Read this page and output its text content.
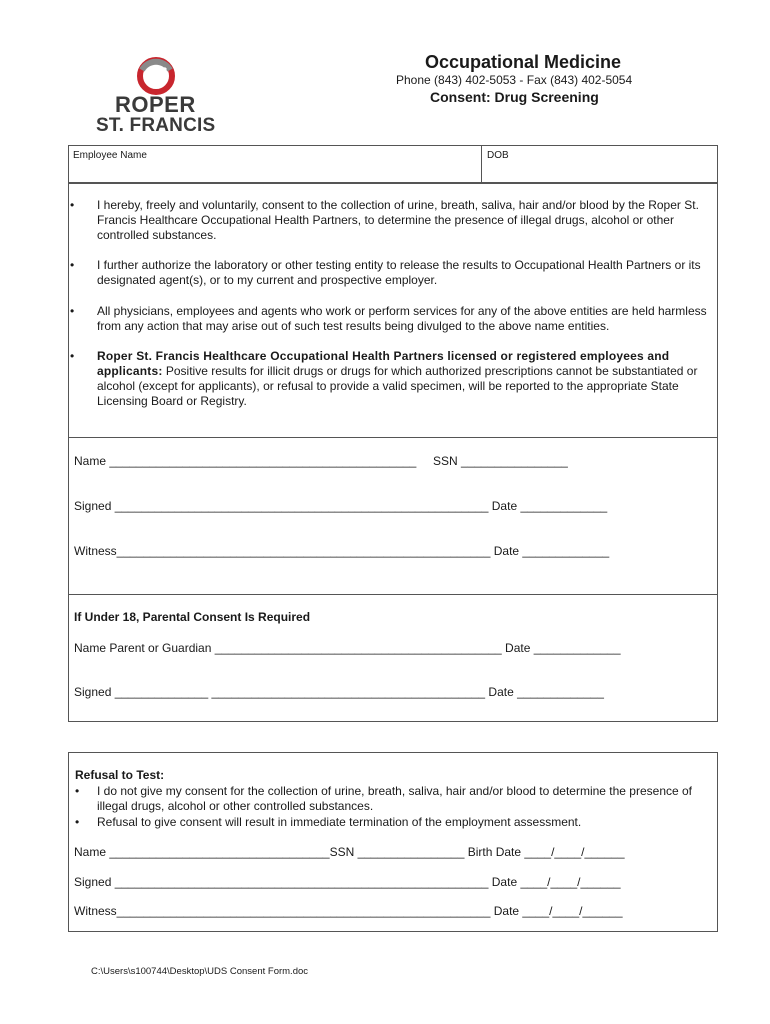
ROPER
ST. FRANCIS
Occupational Medicine
Phone (843) 402-5053 - Fax (843) 402-5054
Consent: Drug Screening
Employee Name	DOB
• I hereby, freely and voluntarily, consent to the collection of urine, breath, saliva, hair and/or blood by the Roper St. Francis Healthcare Occupational Health Partners, to determine the presence of illegal drugs, alcohol or other controlled substances.
• I further authorize the laboratory or other testing entity to release the results to Occupational Health Partners or its designated agent(s), or to my current and prospective employer.
• All physicians, employees and agents who work or perform services for any of the above entities are held harmless from any action that may arise out of such test results being divulged to the above name entities.
• Roper St. Francis Healthcare Occupational Health Partners licensed or registered employees and applicants: Positive results for illicit drugs or drugs for which authorized prescriptions cannot be substantiated or alcohol (except for applicants), or refusal to provide a valid specimen, will be reported to the appropriate State Licensing Board or Registry.
Name ______________________________________________     SSN ________________
Signed ________________________________________________________ Date _____________
Witness________________________________________________________ Date _____________
If Under 18, Parental Consent Is Required
Name Parent or Guardian ___________________________________________ Date _____________
Signed ______________ _________________________________________ Date _____________
Refusal to Test:
• I do not give my consent for the collection of urine, breath, saliva, hair and/or blood to determine the presence of illegal drugs, alcohol or other controlled substances.
• Refusal to give consent will result in immediate termination of the employment assessment.
Name _________________________________SSN ________________ Birth Date ____/____/______
Signed ________________________________________________________ Date ____/____/______
Witness________________________________________________________ Date ____/____/______
C:\Users\s100744\Desktop\UDS Consent Form.doc
